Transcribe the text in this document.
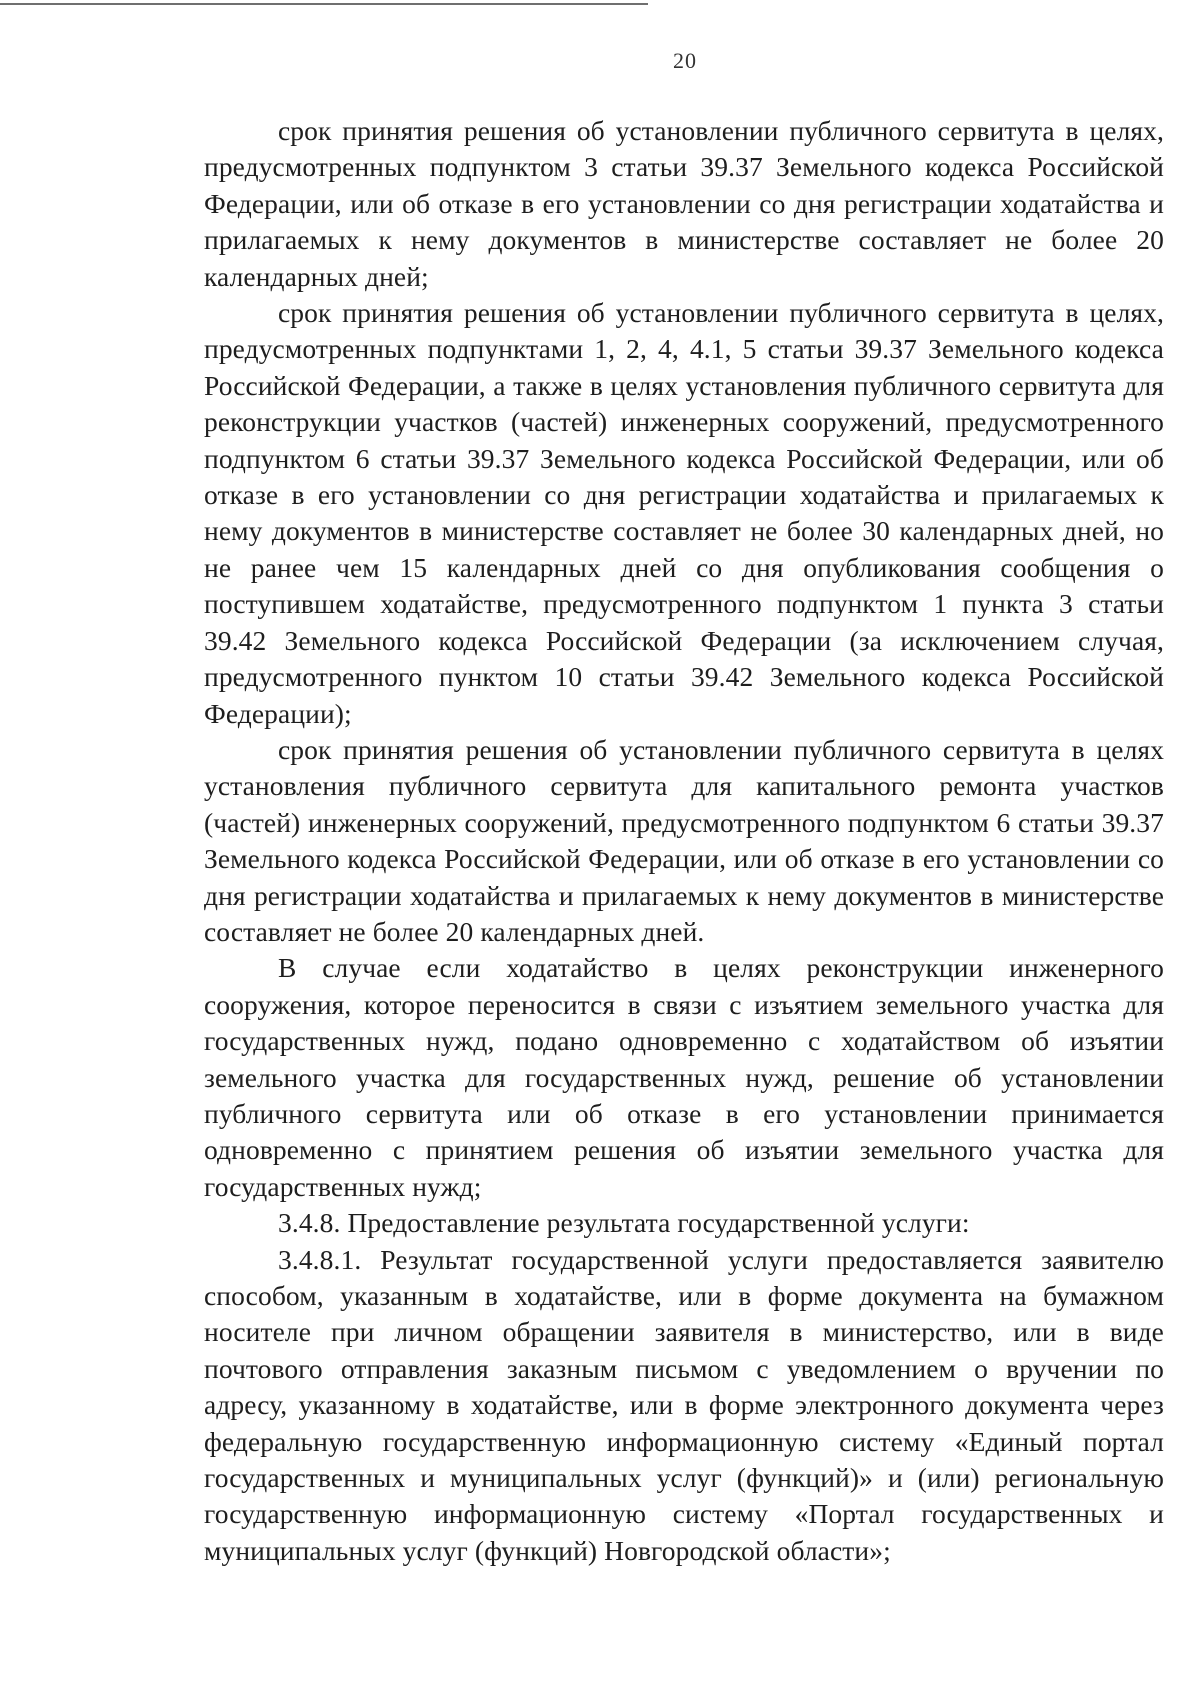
20

срок принятия решения об установлении публичного сервитута в целях, предусмотренных подпунктом 3 статьи 39.37 Земельного кодекса Российской Федерации, или об отказе в его установлении со дня регистрации ходатайства и прилагаемых к нему документов в министерстве составляет не более 20 календарных дней;

срок принятия решения об установлении публичного сервитута в целях, предусмотренных подпунктами 1, 2, 4, 4.1, 5 статьи 39.37 Земельного кодекса Российской Федерации, а также в целях установления публичного сервитута для реконструкции участков (частей) инженерных сооружений, предусмотренного подпунктом 6 статьи 39.37 Земельного кодекса Российской Федерации, или об отказе в его установлении со дня регистрации ходатайства и прилагаемых к нему документов в министерстве составляет не более 30 календарных дней, но не ранее чем 15 календарных дней со дня опубликования сообщения о поступившем ходатайстве, предусмотренного подпунктом 1 пункта 3 статьи 39.42 Земельного кодекса Российской Федерации (за исключением случая, предусмотренного пунктом 10 статьи 39.42 Земельного кодекса Российской Федерации);

срок принятия решения об установлении публичного сервитута в целях установления публичного сервитута для капитального ремонта участков (частей) инженерных сооружений, предусмотренного подпунктом 6 статьи 39.37 Земельного кодекса Российской Федерации, или об отказе в его установлении со дня регистрации ходатайства и прилагаемых к нему документов в министерстве составляет не более 20 календарных дней.

В случае если ходатайство в целях реконструкции инженерного сооружения, которое переносится в связи с изъятием земельного участка для государственных нужд, подано одновременно с ходатайством об изъятии земельного участка для государственных нужд, решение об установлении публичного сервитута или об отказе в его установлении принимается одновременно с принятием решения об изъятии земельного участка для государственных нужд;

3.4.8. Предоставление результата государственной услуги:

3.4.8.1. Результат государственной услуги предоставляется заявителю способом, указанным в ходатайстве, или в форме документа на бумажном носителе при личном обращении заявителя в министерство, или в виде почтового отправления заказным письмом с уведомлением о вручении по адресу, указанному в ходатайстве, или в форме электронного документа через федеральную государственную информационную систему «Единый портал государственных и муниципальных услуг (функций)» и (или) региональную государственную информационную систему «Портал государственных и муниципальных услуг (функций) Новгородской области»;
